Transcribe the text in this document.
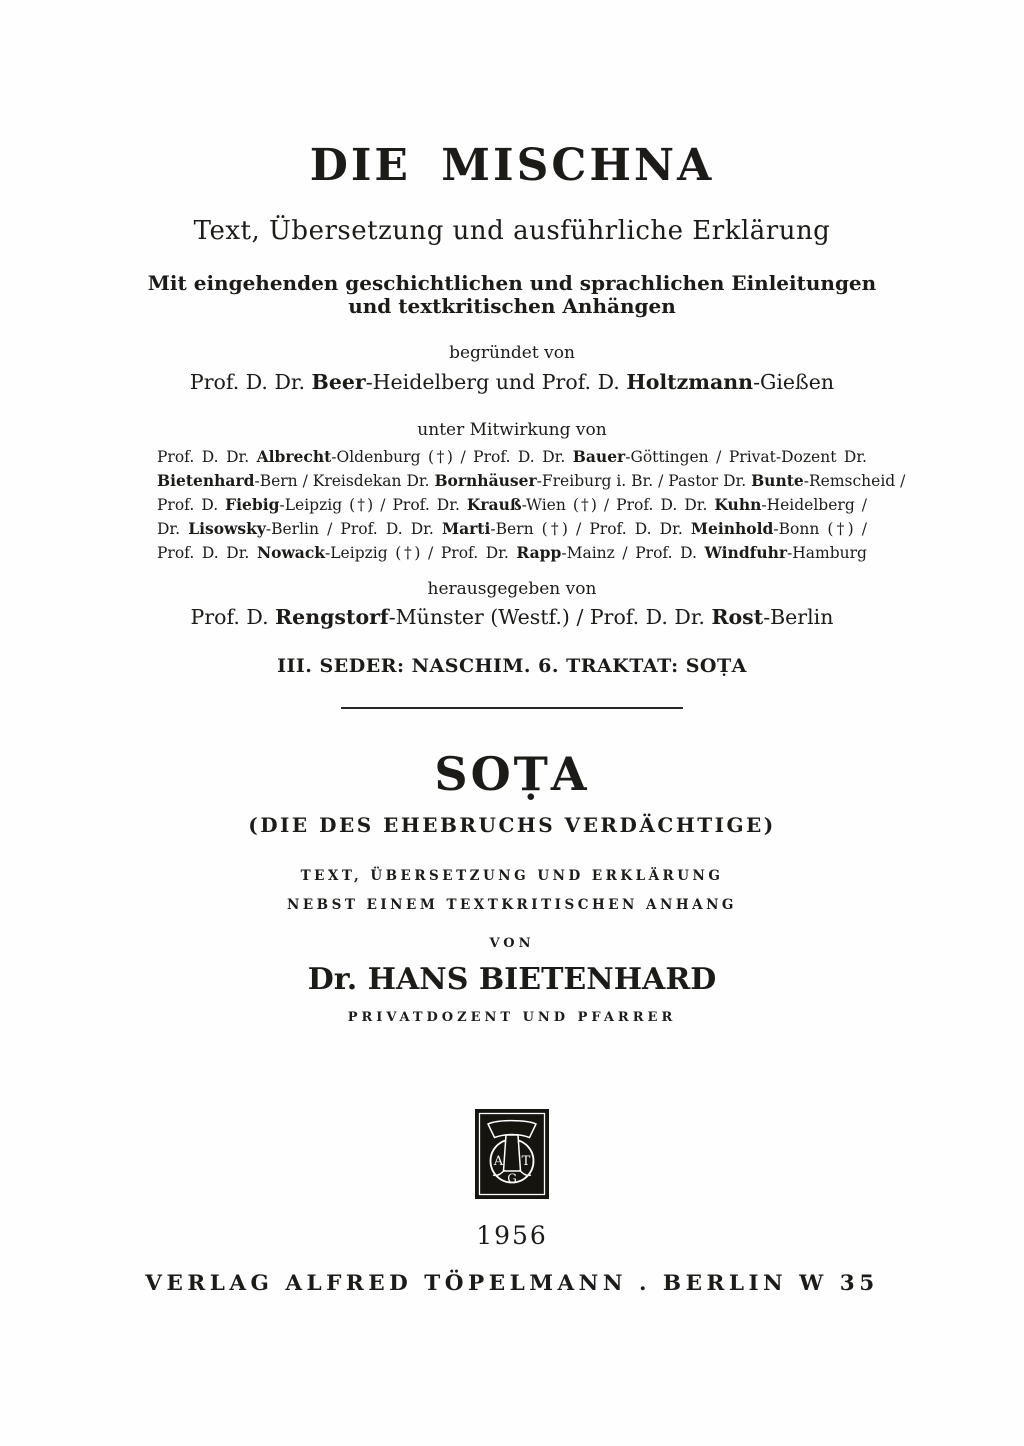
DIE MISCHNA
Text, Übersetzung und ausführliche Erklärung
Mit eingehenden geschichtlichen und sprachlichen Einleitungen
und textkritischen Anhängen
begründet von
Prof. D. Dr. Beer-Heidelberg und Prof. D. Holtzmann-Gießen
unter Mitwirkung von
Prof. D. Dr. Albrecht-Oldenburg (†) / Prof. D. Dr. Bauer-Göttingen / Privat-Dozent Dr.
Bietenhard-Bern / Kreisdekan Dr. Bornhäuser-Freiburg i. Br. / Pastor Dr. Bunte-Remscheid /
Prof. D. Fiebig-Leipzig (†) / Prof. Dr. Krauß-Wien (†) / Prof. D. Dr. Kuhn-Heidelberg /
Dr. Lisowsky-Berlin / Prof. D. Dr. Marti-Bern (†) / Prof. D. Dr. Meinhold-Bonn (†) /
Prof. D. Dr. Nowack-Leipzig (†) / Prof. Dr. Rapp-Mainz / Prof. D. Windfuhr-Hamburg
herausgegeben von
Prof. D. Rengstorf-Münster (Westf.) / Prof. D. Dr. Rost-Berlin
III. SEDER: NASCHIM. 6. TRAKTAT: SOṬA
SOṬA
(DIE DES EHEBRUCHS VERDÄCHTIGE)
TEXT, ÜBERSETZUNG UND ERKLÄRUNG
NEBST EINEM TEXTKRITISCHEN ANHANG
VON
Dr. HANS BIETENHARD
PRIVATDOZENT UND PFARRER
A T
G
1956
VERLAG ALFRED TÖPELMANN . BERLIN W 35
